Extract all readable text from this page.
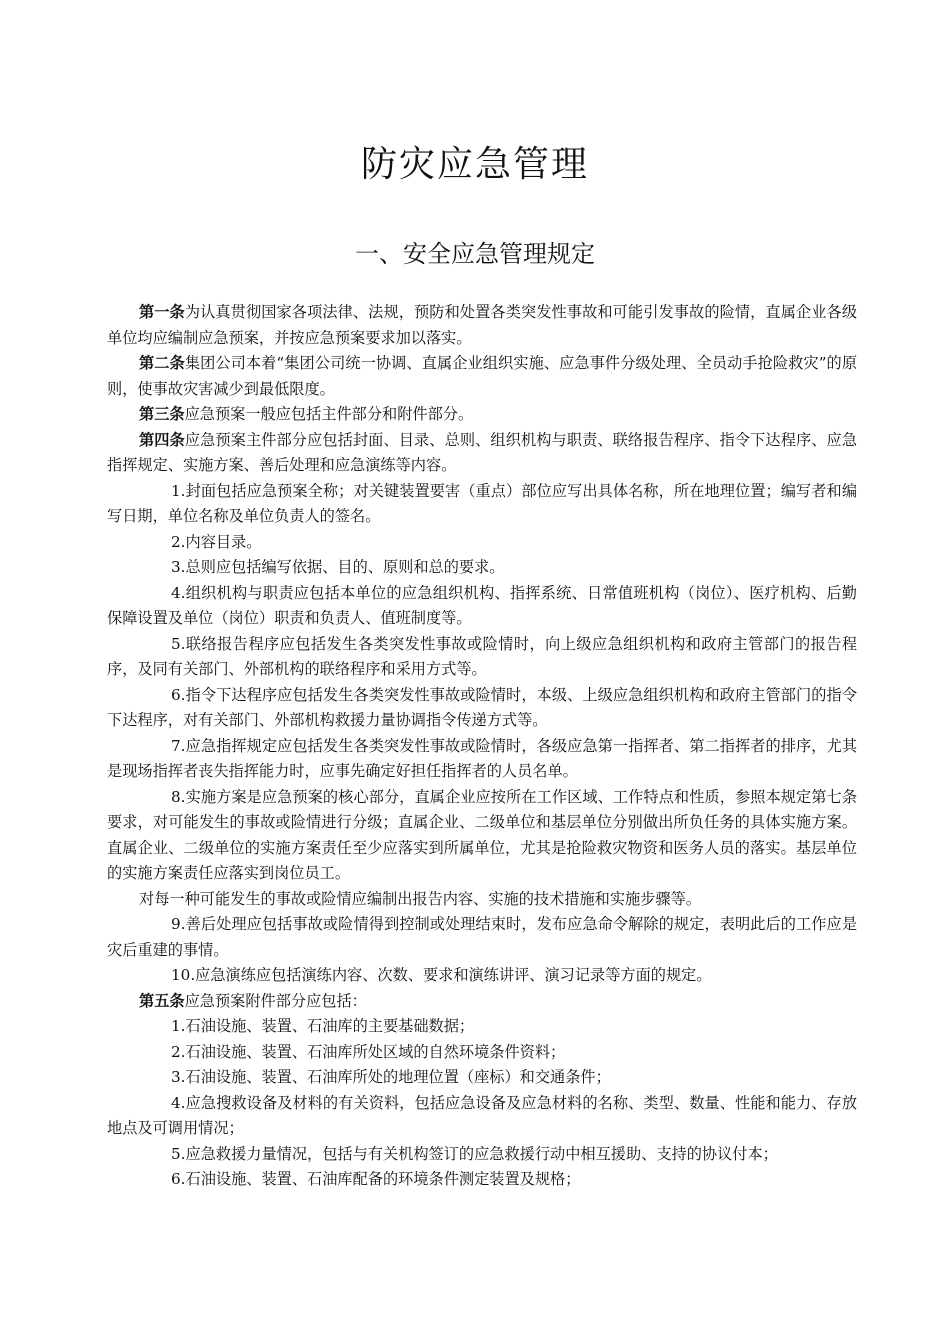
防灾应急管理
一、安全应急管理规定

第一条为认真贯彻国家各项法律、法规，预防和处置各类突发性事故和可能引发事故的险情，直属企业各级单位均应编制应急预案，并按应急预案要求加以落实。

第二条集团公司本着“集团公司统一协调、直属企业组织实施、应急事件分级处理、全员动手抢险救灾”的原则，使事故灾害减少到最低限度。

第三条应急预案一般应包括主件部分和附件部分。

第四条应急预案主件部分应包括封面、目录、总则、组织机构与职责、联络报告程序、指令下达程序、应急指挥规定、实施方案、善后处理和应急演练等内容。

1.封面包括应急预案全称；对关键装置要害（重点）部位应写出具体名称，所在地理位置；编写者和编写日期，单位名称及单位负责人的签名。

2.内容目录。

3.总则应包括编写依据、目的、原则和总的要求。

4.组织机构与职责应包括本单位的应急组织机构、指挥系统、日常值班机构（岗位）、医疗机构、后勤保障设置及单位（岗位）职责和负责人、值班制度等。

5.联络报告程序应包括发生各类突发性事故或险情时，向上级应急组织机构和政府主管部门的报告程序，及同有关部门、外部机构的联络程序和采用方式等。

6.指令下达程序应包括发生各类突发性事故或险情时，本级、上级应急组织机构和政府主管部门的指令下达程序，对有关部门、外部机构救援力量协调指令传递方式等。

7.应急指挥规定应包括发生各类突发性事故或险情时，各级应急第一指挥者、第二指挥者的排序，尤其是现场指挥者丧失指挥能力时，应事先确定好担任指挥者的人员名单。

8.实施方案是应急预案的核心部分，直属企业应按所在工作区域、工作特点和性质，参照本规定第七条要求，对可能发生的事故或险情进行分级；直属企业、二级单位和基层单位分别做出所负任务的具体实施方案。直属企业、二级单位的实施方案责任至少应落实到所属单位，尤其是抢险救灾物资和医务人员的落实。基层单位的实施方案责任应落实到岗位员工。

对每一种可能发生的事故或险情应编制出报告内容、实施的技术措施和实施步骤等。

9.善后处理应包括事故或险情得到控制或处理结束时，发布应急命令解除的规定，表明此后的工作应是灾后重建的事情。

10.应急演练应包括演练内容、次数、要求和演练讲评、演习记录等方面的规定。

第五条应急预案附件部分应包括：

1.石油设施、装置、石油库的主要基础数据；

2.石油设施、装置、石油库所处区域的自然环境条件资料；

3.石油设施、装置、石油库所处的地理位置（座标）和交通条件；

4.应急搜救设备及材料的有关资料，包括应急设备及应急材料的名称、类型、数量、性能和能力、存放地点及可调用情况；

5.应急救援力量情况，包括与有关机构签订的应急救援行动中相互援助、支持的协议付本；

6.石油设施、装置、石油库配备的环境条件测定装置及规格；
